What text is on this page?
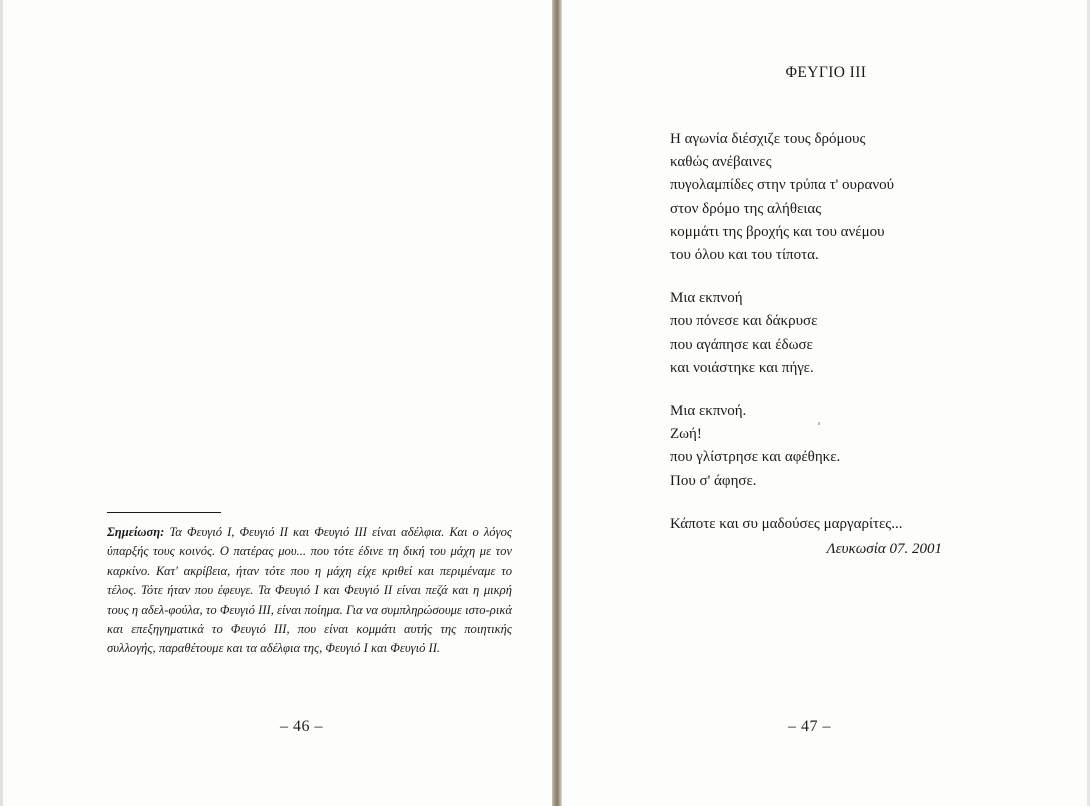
Σημείωση: Τα Φευγιό Ι, Φευγιό ΙΙ και Φευγιό ΙΙΙ είναι αδέλφια. Και ο λόγος ύπαρξής τους κοινός. Ο πατέρας μου... που τότε έδινε τη δική του μάχη με τον καρκίνο. Κατ' ακρίβεια, ήταν τότε που η μάχη είχε κριθεί και περιμέναμε το τέλος. Τότε ήταν που έφευγε. Τα Φευγιό Ι και Φευγιό ΙΙ είναι πεζά και η μικρή τους η αδελ-φούλα, το Φευγιό ΙΙΙ, είναι ποίημα. Για να συμπληρώσουμε ιστο-ρικά και επεξηγηματικά το Φευγιό ΙΙΙ, που είναι κομμάτι αυτής της ποιητικής συλλογής, παραθέτουμε και τα αδέλφια της, Φευγιό Ι και Φευγιό ΙΙ.

– 46 –
ΦΕΥΓΙΟ ΙΙΙ
Η αγωνία διέσχιζε τους δρόμους
καθώς ανέβαινες
πυγολαμπίδες στην τρύπα τ' ουρανού
στον δρόμο της αλήθειας
κομμάτι της βροχής και του ανέμου
του όλου και του τίποτα.
Μια εκπνοή
που πόνεσε και δάκρυσε
που αγάπησε και έδωσε
και νοιάστηκε και πήγε.
Μια εκπνοή.
Ζωή!
που γλίστρησε και αφέθηκε.
Που σ' άφησε.
Κάποτε και συ μαδούσες μαργαρίτες...
Λευκωσία 07. 2001
– 47 –
